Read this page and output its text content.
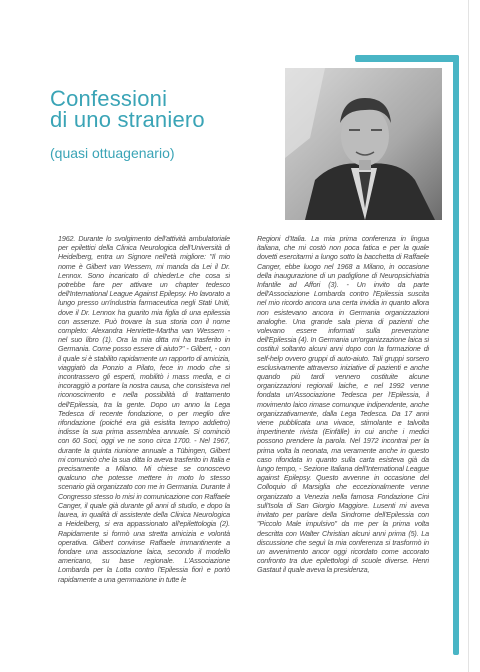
Confessioni
di uno straniero
(quasi ottuagenario)

1962. Durante lo svolgimento dell'attività ambulatoriale per epilettici della Clinica Neurologica dell'Università di Heidelberg, entra un Signore nell'età migliore: "Il mio nome è Gilbert van Wessem, mi manda da Lei il Dr. Lennox. Sono incaricato di chiederLe che cosa si potrebbe fare per attivare un chapter tedesco dell'International League Against Epilepsy. Ho lavorato a lungo presso un'industria farmaceutica negli Stati Uniti, dove il Dr. Lennox ha guarito mia figlia di una epilessia con assenze. Può trovare la sua storia con il nome completo: Alexandra Henriette-Martha van Wessem - nel suo libro (1). Ora la mia ditta mi ha trasferito in Germania. Come posso essere di aiuto?" - Gilbert, - con il quale si è stabilito rapidamente un rapporto di amicizia, viaggiatò da Ponzio a Pilato, fece in modo che si incontrassero gli esperti, mobilitò i mass media, e ci incoraggiò a portare la nostra causa, che consisteva nel riconoscimento e nella possibilità di trattamento dell'Epilessia, tra la gente. Dopo un anno la Lega Tedesca di recente fondazione, o per meglio dire rifondazione (poiché era già esistita tempo addietro) indisse la sua prima assemblea annuale. Si cominciò con 60 Soci, oggi ve ne sono circa 1700. - Nel 1967, durante la quinta riunione annuale a Tübingen, Gilbert mi comunicò che la sua ditta lo aveva trasferito in Italia e precisamente a Milano. Mi chiese se conoscevo qualcuno che potesse mettere in moto lo stesso scenario già organizzato con me in Germania. Durante il Congresso stesso lo misi in comunicazione con Raffaele Canger, il quale già durante gli anni di studio, e dopo la laurea, in qualità di assistente della Clinica Neurologica a Heidelberg, si era appassionato all'epilettologia (2). Rapidamente si formò una stretta amicizia e volontà operativa. Gilbert convinse Raffaele immantinente a fondare una associazione laica, secondo il modello americano, su base regionale. L'Associazione Lombarda per la Lotta contro l'Epilessia fiorì e portò rapidamente a una gemmazione in tutte le

Regioni d'Italia. La mia prima conferenza in lingua italiana, che mi costò non poca fatica e per la quale dovetti esercitarmi a lungo sotto la bacchetta di Raffaele Canger, ebbe luogo nel 1968 a Milano, in occasione della inaugurazione di un padiglione di Neuropsichiatria Infantile ad Affori (3). - Un invito da parte dell'Associazione Lombarda contro l'Epilessia suscita nel mio ricordo ancora una certa invidia in quanto allora non esistevano ancora in Germania organizzazioni analoghe. Una grande sala piena di pazienti che volevano essere informati sulla prevenzione dell'Epilessia (4). In Germania un'organizzazione laica si costituì soltanto alcuni anni dopo con la formazione di self-help ovvero gruppi di auto-aiuto. Tali gruppi sorsero esclusivamente attraverso iniziative di pazienti e anche quando più tardi vennero costituite alcune organizzazioni regionali laiche, e nel 1992 venne fondata un'Associazione Tedesca per l'Epilessia, il movimento laico rimase comunque indipendente, anche organizzativamente, dalla Lega Tedesca. Da 17 anni viene pubblicata una vivace, stimolante e talvolta impertinente rivista (Einfälle) in cui anche i medici possono prendere la parola. Nel 1972 incontrai per la prima volta la neonata, ma veramente anche in questo caso rifondata in quanto sulla carta esisteva già da lungo tempo, - Sezione Italiana dell'International League against Epilepsy. Questo avvenne in occasione del Colloquio di Marsiglia che eccezionalmente venne organizzato a Venezia nella famosa Fondazione Cini sull'Isola di San Giorgio Maggiore. Lusenti mi aveva invitato per parlare della Sindrome dell'Epilessia con "Piccolo Male impulsivo" da me per la prima volta descritta con Walter Christian alcuni anni prima (5). La discussione che seguì la mia conferenza si trasformò in un avvenimento ancor oggi ricordato come accorato confronto tra due epilettologi di scuole diverse. Henri Gastaut il quale aveva la presidenza,
